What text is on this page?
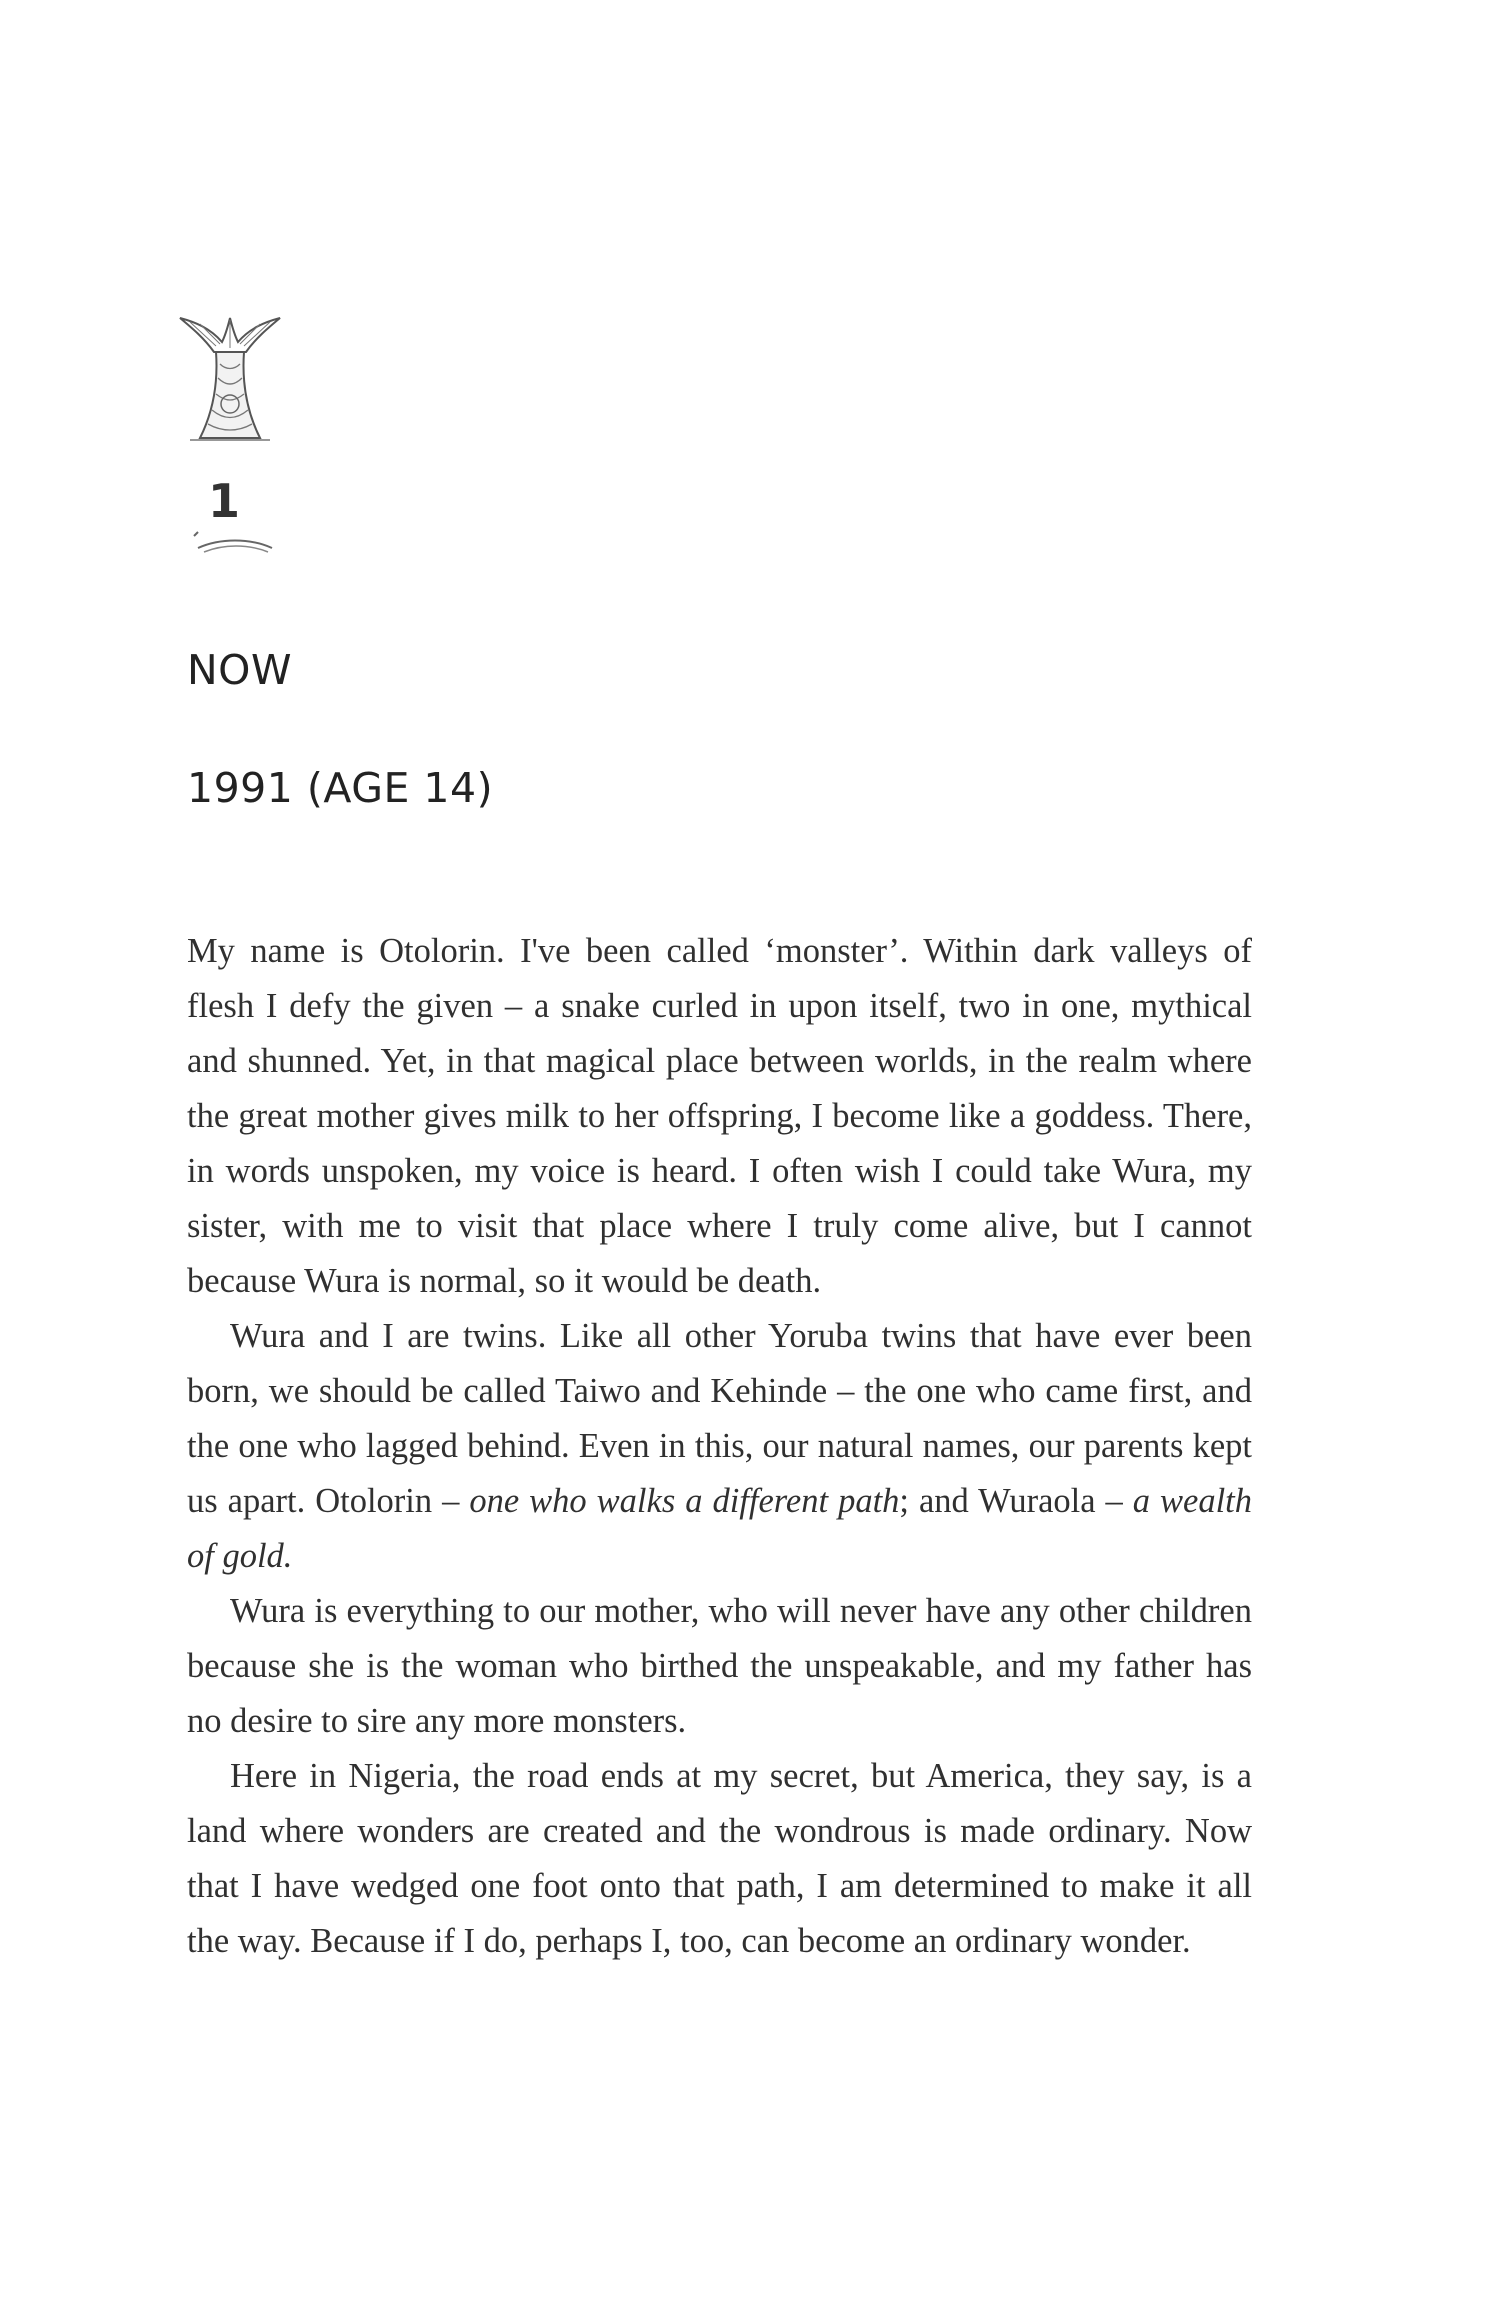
1
NOW
1991 (AGE 14)

My name is Otolorin. I've been called ‘monster’. Within dark valleys of flesh I defy the given – a snake curled in upon itself, two in one, mythical and shunned. Yet, in that magical place between worlds, in the realm where the great mother gives milk to her offspring, I become like a goddess. There, in words unspoken, my voice is heard. I often wish I could take Wura, my sister, with me to visit that place where I truly come alive, but I cannot because Wura is normal, so it would be death.

Wura and I are twins. Like all other Yoruba twins that have ever been born, we should be called Taiwo and Kehinde – the one who came first, and the one who lagged behind. Even in this, our natural names, our parents kept us apart. Otolorin – one who walks a different path; and Wuraola – a wealth of gold.

Wura is everything to our mother, who will never have any other children because she is the woman who birthed the unspeakable, and my father has no desire to sire any more monsters.

Here in Nigeria, the road ends at my secret, but America, they say, is a land where wonders are created and the wondrous is made ordinary. Now that I have wedged one foot onto that path, I am determined to make it all the way. Because if I do, perhaps I, too, can become an ordinary wonder.
